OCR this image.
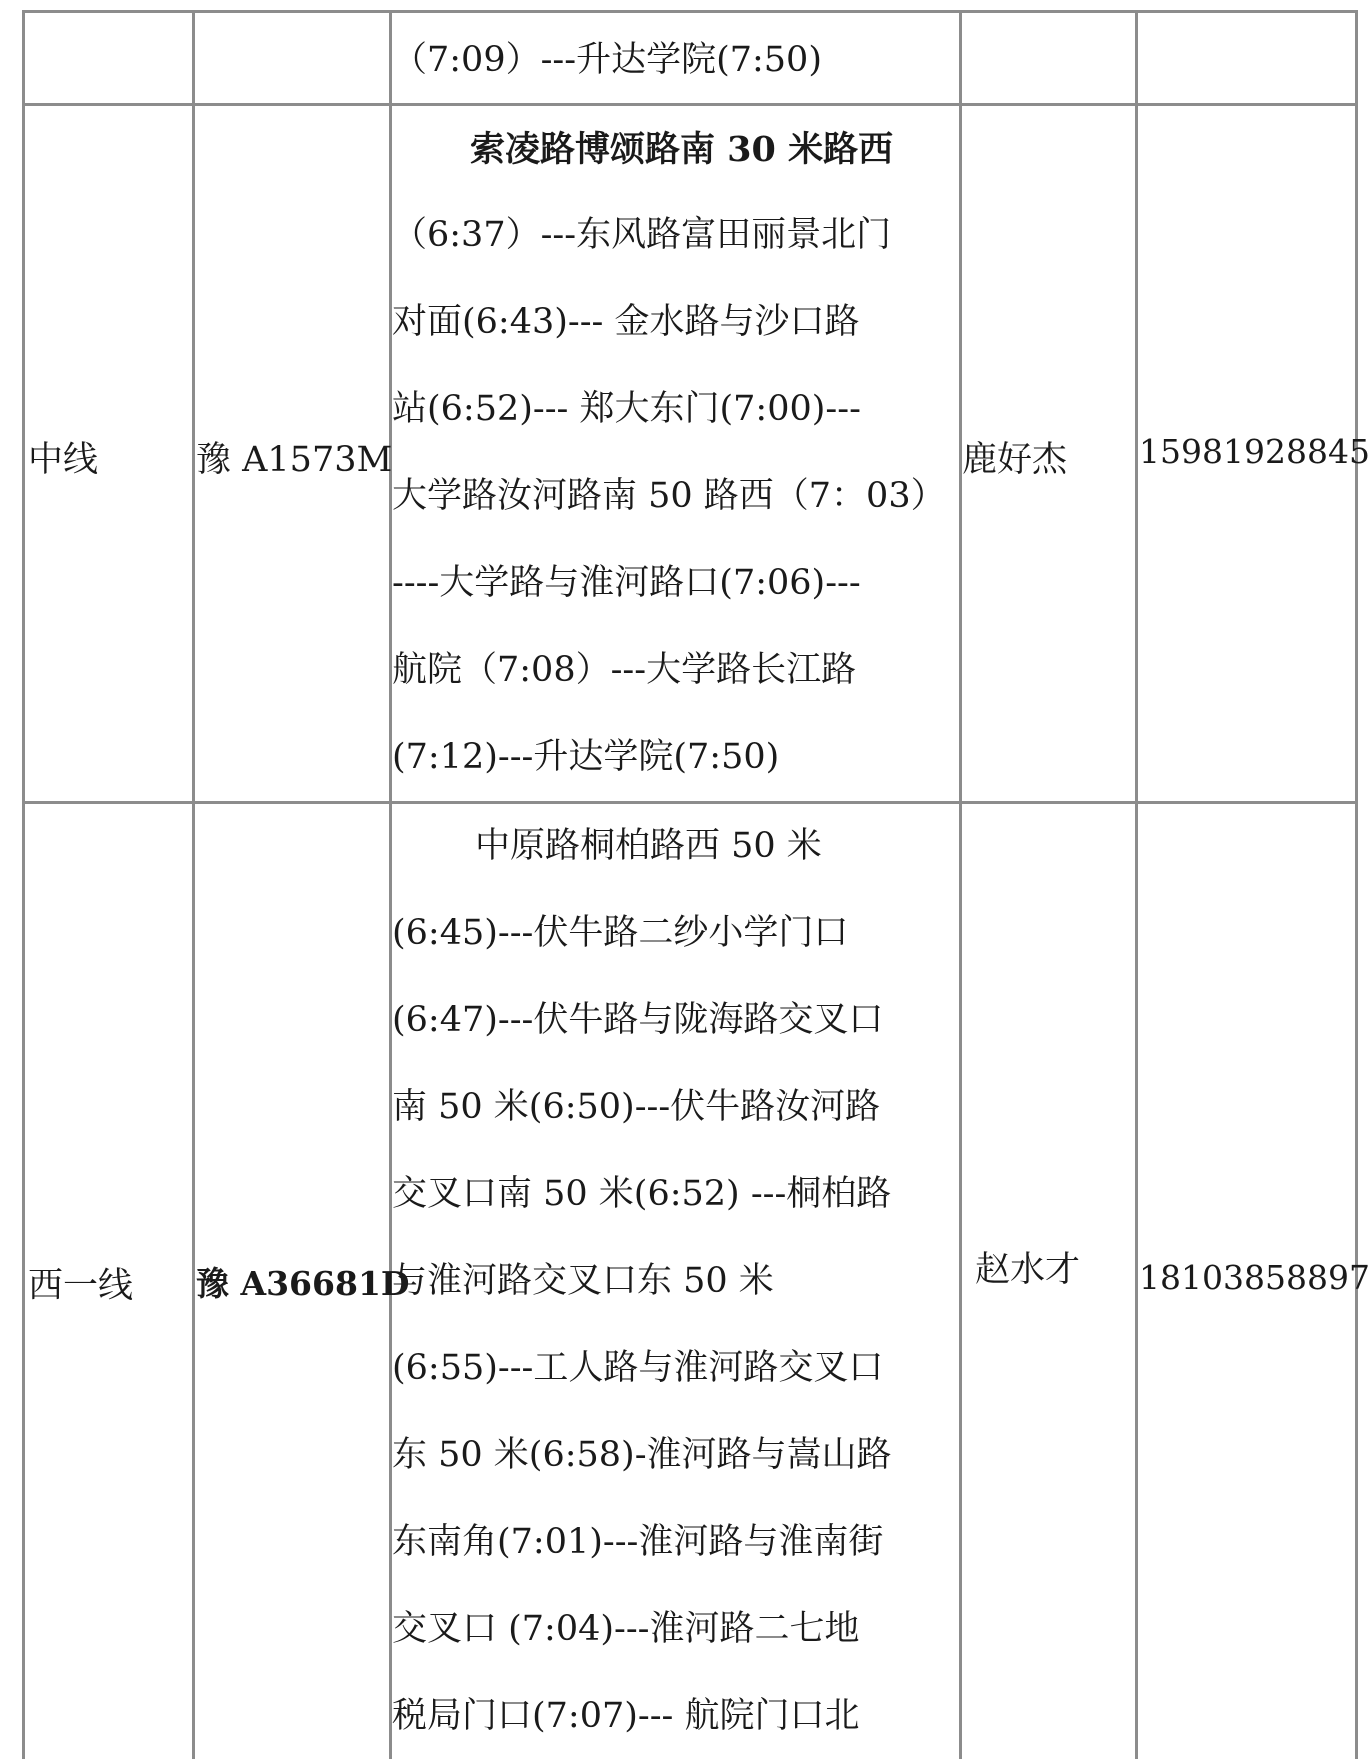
（7:09）---升达学院(7:50)
中线	豫 A1573M
索凌路博颂路南 30 米路西
（6:37）---东风路富田丽景北门
对面(6:43)--- 金水路与沙口路
站(6:52)--- 郑大东门(7:00)---
大学路汝河路南 50 路西（7：03）
----大学路与淮河路口(7:06)---
航院（7:08）---大学路长江路
(7:12)---升达学院(7:50)
鹿好杰 15981928845
西一线 豫 A36681D
中原路桐柏路西 50 米
(6:45)---伏牛路二纱小学门口
(6:47)---伏牛路与陇海路交叉口
南 50 米(6:50)---伏牛路汝河路
交叉口南 50 米(6:52) ---桐柏路
与淮河路交叉口东 50 米
(6:55)---工人路与淮河路交叉口
东 50 米(6:58)-淮河路与嵩山路
东南角(7:01)---淮河路与淮南街
交叉口 (7:04)---淮河路二七地
税局门口(7:07)--- 航院门口北
赵水才 18103858897
